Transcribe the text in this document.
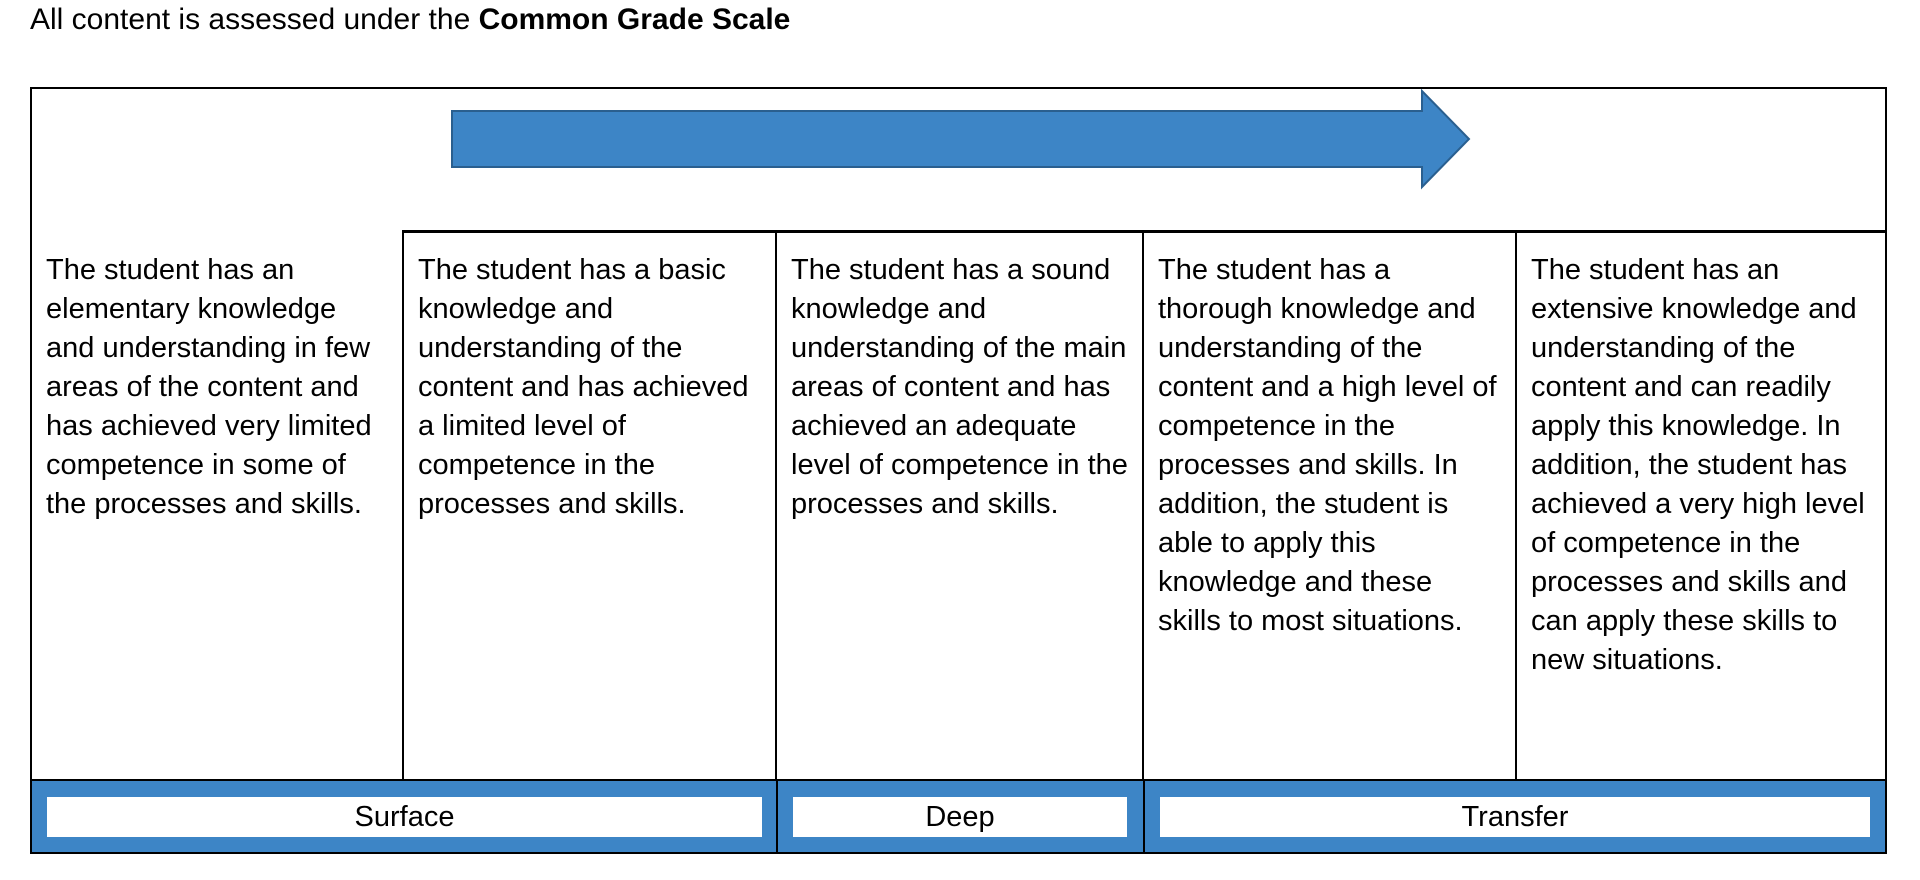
All content is assessed under the Common Grade Scale
The student has an elementary knowledge and understanding in few areas of the content and has achieved very limited competence in some of the processes and skills.
The student has a basic knowledge and understanding of the content and has achieved a limited level of competence in the processes and skills.
The student has a sound knowledge and understanding of the main areas of content and has achieved an adequate level of competence in the processes and skills.
The student has a thorough knowledge and understanding of the content and a high level of competence in the processes and skills. In addition, the student is able to apply this knowledge and these skills to most situations.
The student has an extensive knowledge and understanding of the content and can readily apply this knowledge. In addition, the student has achieved a very high level of competence in the processes and skills and can apply these skills to new situations.
Surface	Deep	Transfer
